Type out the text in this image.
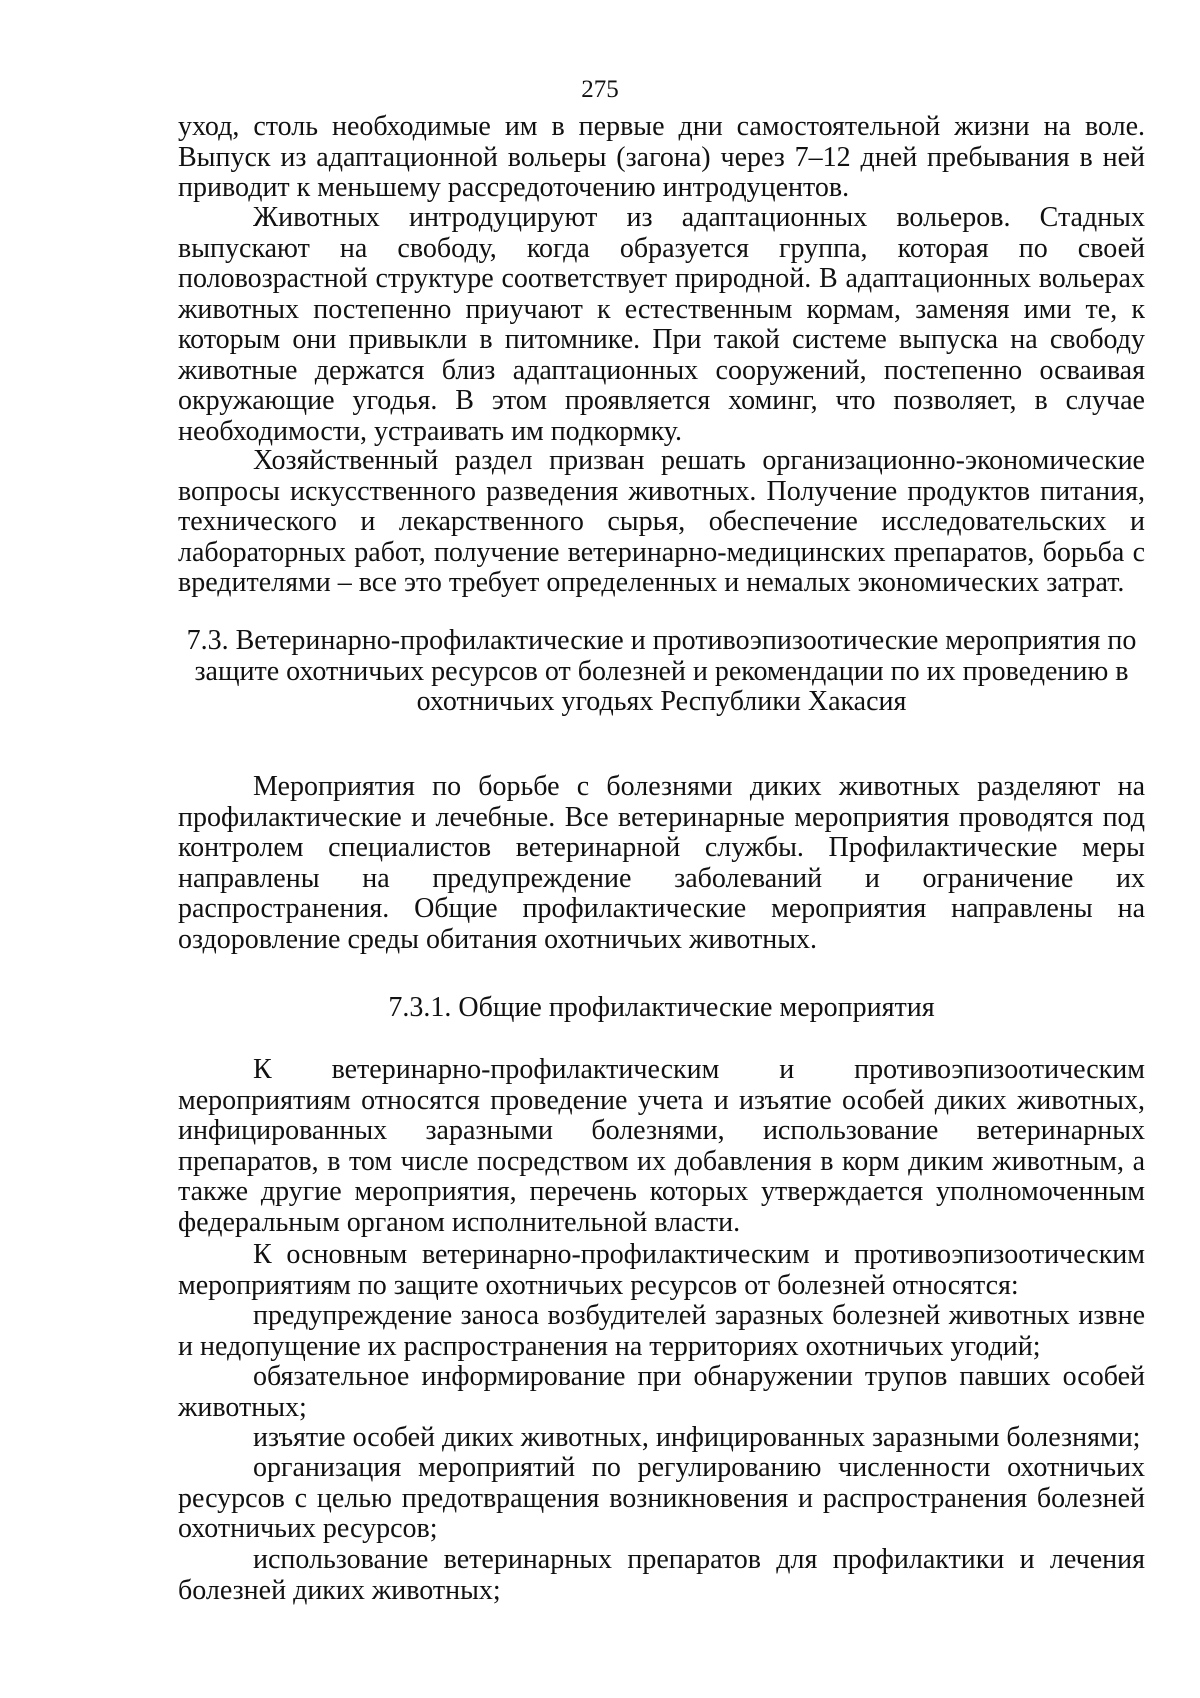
275

уход, столь необходимые им в первые дни самостоятельной жизни на воле. Выпуск из адаптационной вольеры (загона) через 7–12 дней пребывания в ней приводит к меньшему рассредоточению интродуцентов.

Животных интродуцируют из адаптационных вольеров. Стадных выпускают на свободу, когда образуется группа, которая по своей половозрастной структуре соответствует природной. В адаптационных вольерах животных постепенно приучают к естественным кормам, заменяя ими те, к которым они привыкли в питомнике. При такой системе выпуска на свободу животные держатся близ адаптационных сооружений, постепенно осваивая окружающие угодья. В этом проявляется хоминг, что позволяет, в случае необходимости, устраивать им подкормку.

Хозяйственный раздел призван решать организационно-экономические вопросы искусственного разведения животных. Получение продуктов питания, технического и лекарственного сырья, обеспечение исследовательских и лабораторных работ, получение ветеринарно-медицинских препаратов, борьба с вредителями – все это требует определенных и немалых экономических затрат.

7.3. Ветеринарно-профилактические и противоэпизоотические мероприятия по
защите охотничьих ресурсов от болезней и рекомендации по их проведению в
охотничьих угодьях Республики Хакасия

Мероприятия по борьбе с болезнями диких животных разделяют на профилактические и лечебные. Все ветеринарные мероприятия проводятся под контролем специалистов ветеринарной службы. Профилактические меры направлены на предупреждение заболеваний и ограничение их распространения. Общие профилактические мероприятия направлены на оздоровление среды обитания охотничьих животных.

7.3.1. Общие профилактические мероприятия

К ветеринарно-профилактическим и противоэпизоотическим мероприятиям относятся проведение учета и изъятие особей диких животных, инфицированных заразными болезнями, использование ветеринарных препаратов, в том числе посредством их добавления в корм диким животным, а также другие мероприятия, перечень которых утверждается уполномоченным федеральным органом исполнительной власти.

К основным ветеринарно-профилактическим и противоэпизоотическим мероприятиям по защите охотничьих ресурсов от болезней относятся:

предупреждение заноса возбудителей заразных болезней животных извне и недопущение их распространения на территориях охотничьих угодий;

обязательное информирование при обнаружении трупов павших особей животных;

изъятие особей диких животных, инфицированных заразными болезнями;

организация мероприятий по регулированию численности охотничьих ресурсов с целью предотвращения возникновения и распространения болезней охотничьих ресурсов;

использование ветеринарных препаратов для профилактики и лечения болезней диких животных;
